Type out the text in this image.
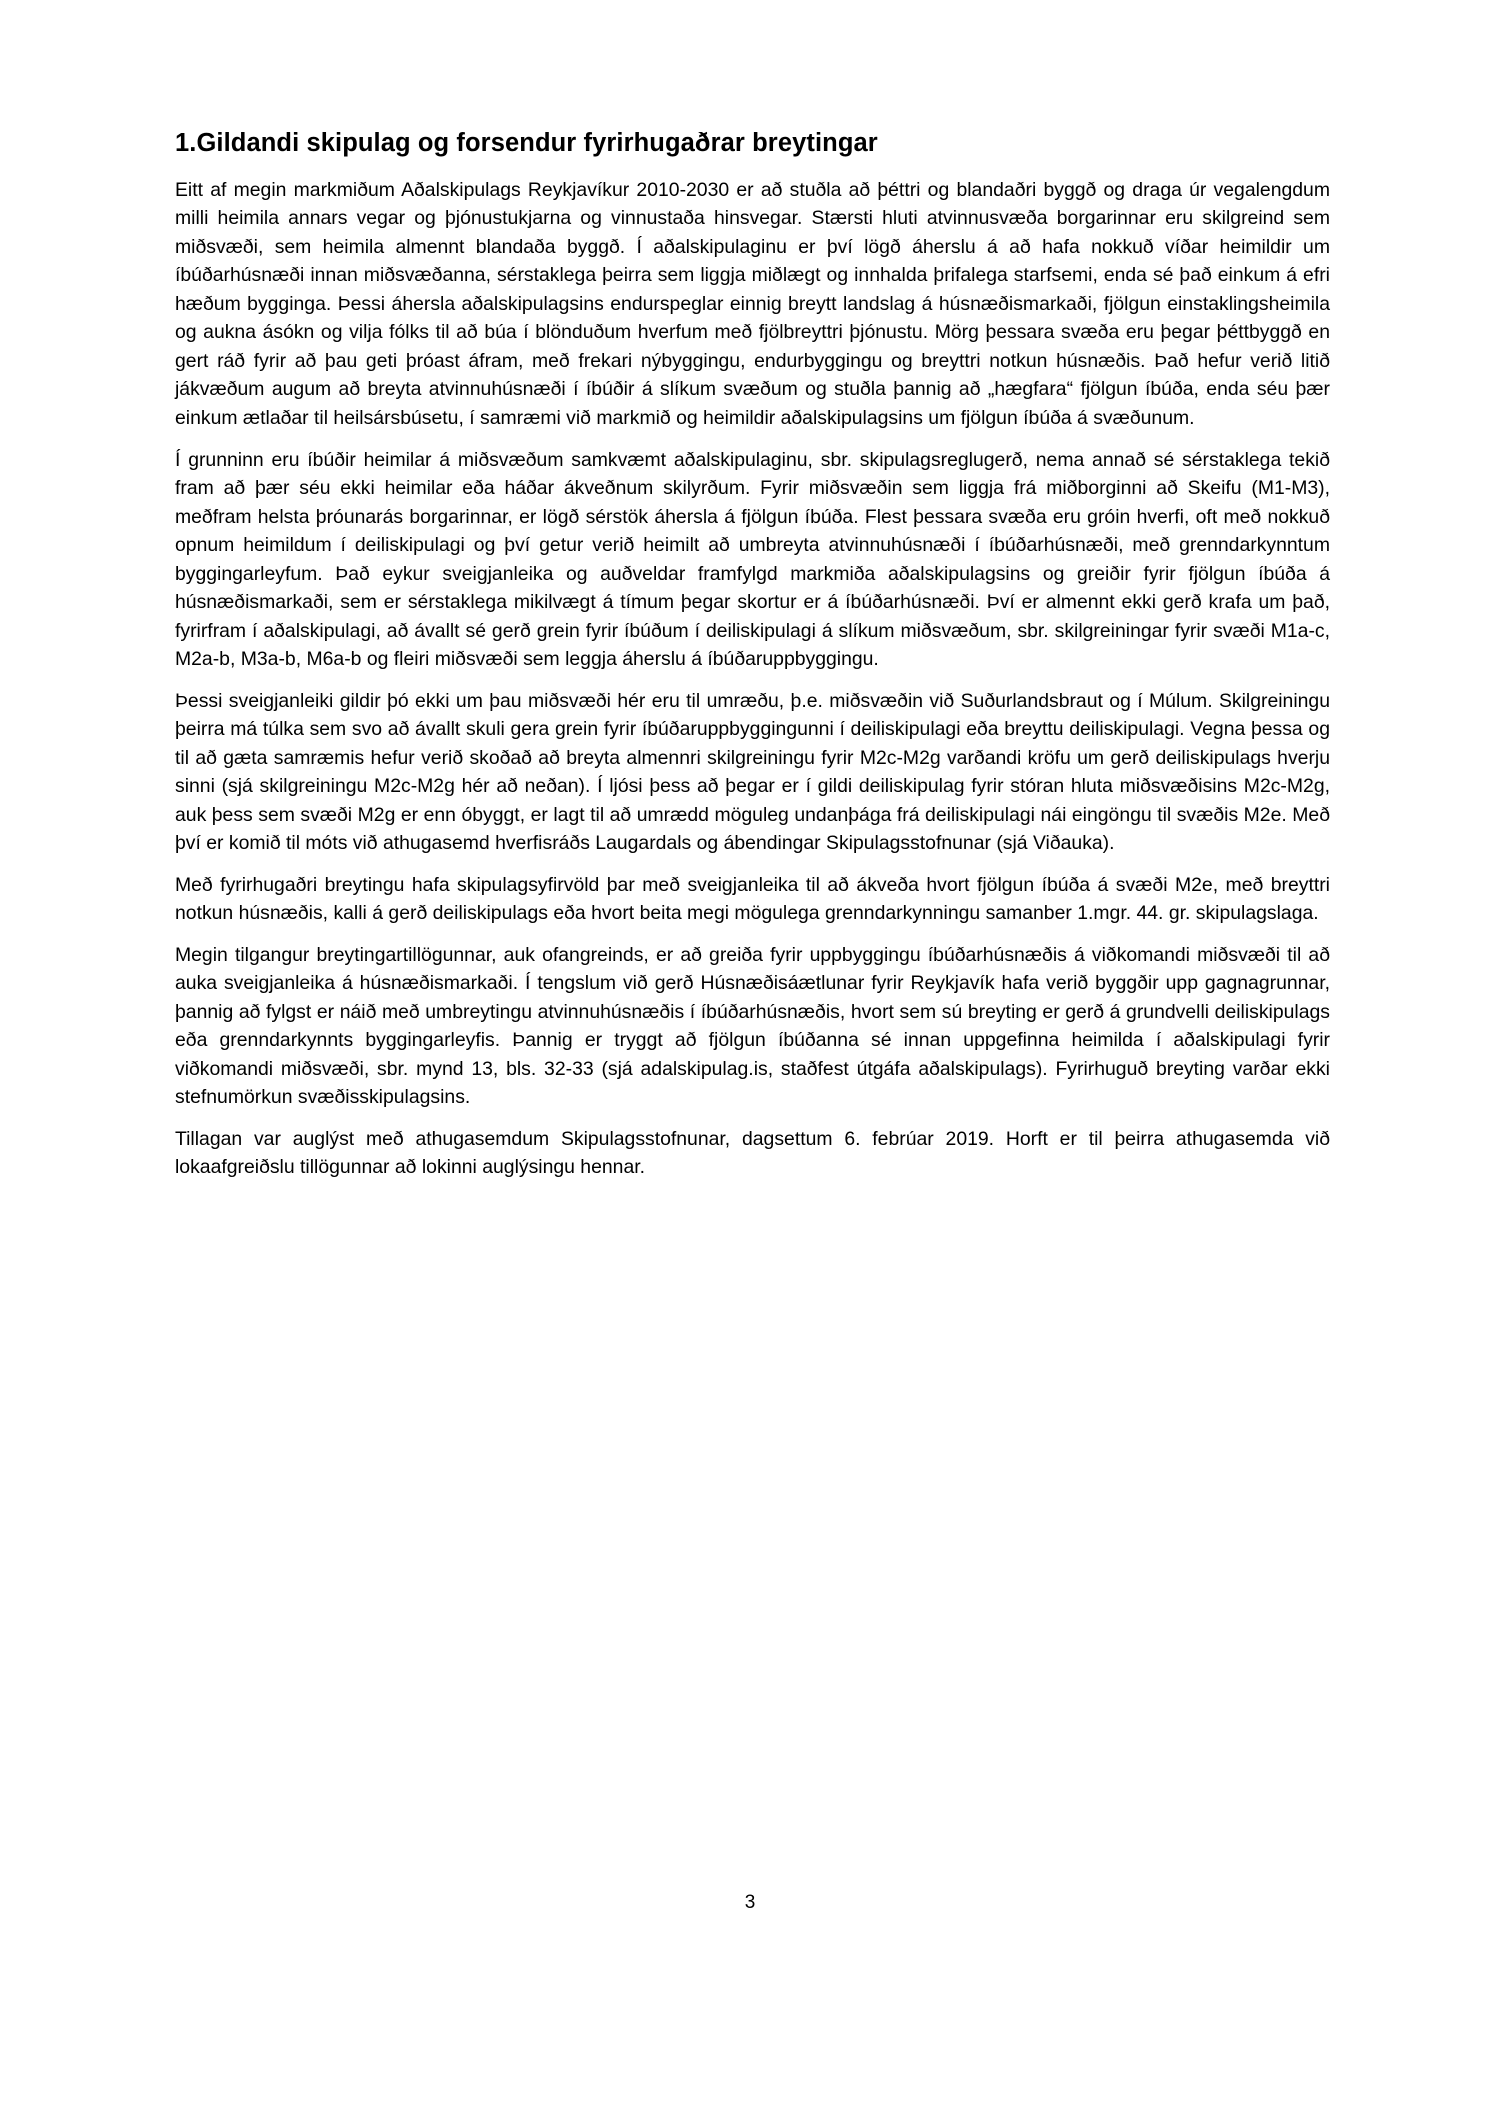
1.Gildandi skipulag og forsendur fyrirhugaðrar breytingar

Eitt af megin markmiðum Aðalskipulags Reykjavíkur 2010-2030 er að stuðla að þéttri og blandaðri byggð og draga úr vegalengdum milli heimila annars vegar og þjónustukjarna og vinnustaða hinsvegar. Stærsti hluti atvinnusvæða borgarinnar eru skilgreind sem miðsvæði, sem heimila almennt blandaða byggð. Í aðalskipulaginu er því lögð áherslu á að hafa nokkuð víðar heimildir um íbúðarhúsnæði innan miðsvæðanna, sérstaklega þeirra sem liggja miðlægt og innhalda þrifalega starfsemi, enda sé það einkum á efri hæðum bygginga. Þessi áhersla aðalskipulagsins endurspeglar einnig breytt landslag á húsnæðismarkaði, fjölgun einstaklingsheimila og aukna ásókn og vilja fólks til að búa í blönduðum hverfum með fjölbreyttri þjónustu. Mörg þessara svæða eru þegar þéttbyggð en gert ráð fyrir að þau geti þróast áfram, með frekari nýbyggingu, endurbyggingu og breyttri notkun húsnæðis. Það hefur verið litið jákvæðum augum að breyta atvinnuhúsnæði í íbúðir á slíkum svæðum og stuðla þannig að „hægfara“ fjölgun íbúða, enda séu þær einkum ætlaðar til heilsársbúsetu, í samræmi við markmið og heimildir aðalskipulagsins um fjölgun íbúða á svæðunum.

Í grunninn eru íbúðir heimilar á miðsvæðum samkvæmt aðalskipulaginu, sbr. skipulagsreglugerð, nema annað sé sérstaklega tekið fram að þær séu ekki heimilar eða háðar ákveðnum skilyrðum. Fyrir miðsvæðin sem liggja frá miðborginni að Skeifu (M1-M3), meðfram helsta þróunarás borgarinnar, er lögð sérstök áhersla á fjölgun íbúða. Flest þessara svæða eru gróin hverfi, oft með nokkuð opnum heimildum í deiliskipulagi og því getur verið heimilt að umbreyta atvinnuhúsnæði í íbúðarhúsnæði, með grenndarkynntum byggingarleyfum. Það eykur sveigjanleika og auðveldar framfylgd markmiða aðalskipulagsins og greiðir fyrir fjölgun íbúða á húsnæðismarkaði, sem er sérstaklega mikilvægt á tímum þegar skortur er á íbúðarhúsnæði. Því er almennt ekki gerð krafa um það, fyrirfram í aðalskipulagi, að ávallt sé gerð grein fyrir íbúðum í deiliskipulagi á slíkum miðsvæðum, sbr. skilgreiningar fyrir svæði M1a-c, M2a-b, M3a-b, M6a-b og fleiri miðsvæði sem leggja áherslu á íbúðaruppbyggingu.

Þessi sveigjanleiki gildir þó ekki um þau miðsvæði hér eru til umræðu, þ.e. miðsvæðin við Suðurlandsbraut og í Múlum. Skilgreiningu þeirra má túlka sem svo að ávallt skuli gera grein fyrir íbúðaruppbyggingunni í deiliskipulagi eða breyttu deiliskipulagi. Vegna þessa og til að gæta samræmis hefur verið skoðað að breyta almennri skilgreiningu fyrir M2c-M2g varðandi kröfu um gerð deiliskipulags hverju sinni (sjá skilgreiningu M2c-M2g hér að neðan). Í ljósi þess að þegar er í gildi deiliskipulag fyrir stóran hluta miðsvæðisins M2c-M2g, auk þess sem svæði M2g er enn óbyggt, er lagt til að umrædd möguleg undanþága frá deiliskipulagi nái eingöngu til svæðis M2e. Með því er komið til móts við athugasemd hverfisráðs Laugardals og ábendingar Skipulagsstofnunar (sjá Viðauka).

Með fyrirhugaðri breytingu hafa skipulagsyfirvöld þar með sveigjanleika til að ákveða hvort fjölgun íbúða á svæði M2e, með breyttri notkun húsnæðis, kalli á gerð deiliskipulags eða hvort beita megi mögulega grenndarkynningu samanber 1.mgr. 44. gr. skipulagslaga.

Megin tilgangur breytingartillögunnar, auk ofangreinds, er að greiða fyrir uppbyggingu íbúðarhúsnæðis á viðkomandi miðsvæði til að auka sveigjanleika á húsnæðismarkaði. Í tengslum við gerð Húsnæðisáætlunar fyrir Reykjavík hafa verið byggðir upp gagnagrunnar, þannig að fylgst er náið með umbreytingu atvinnuhúsnæðis í íbúðarhúsnæðis, hvort sem sú breyting er gerð á grundvelli deiliskipulags eða grenndarkynnts byggingarleyfis. Þannig er tryggt að fjölgun íbúðanna sé innan uppgefinna heimilda í aðalskipulagi fyrir viðkomandi miðsvæði, sbr. mynd 13, bls. 32-33 (sjá adalskipulag.is, staðfest útgáfa aðalskipulags). Fyrirhuguð breyting varðar ekki stefnumörkun svæðisskipulagsins.

Tillagan var auglýst með athugasemdum Skipulagsstofnunar, dagsettum 6. febrúar 2019. Horft er til þeirra athugasemda við lokaafgreiðslu tillögunnar að lokinni auglýsingu hennar.

3
